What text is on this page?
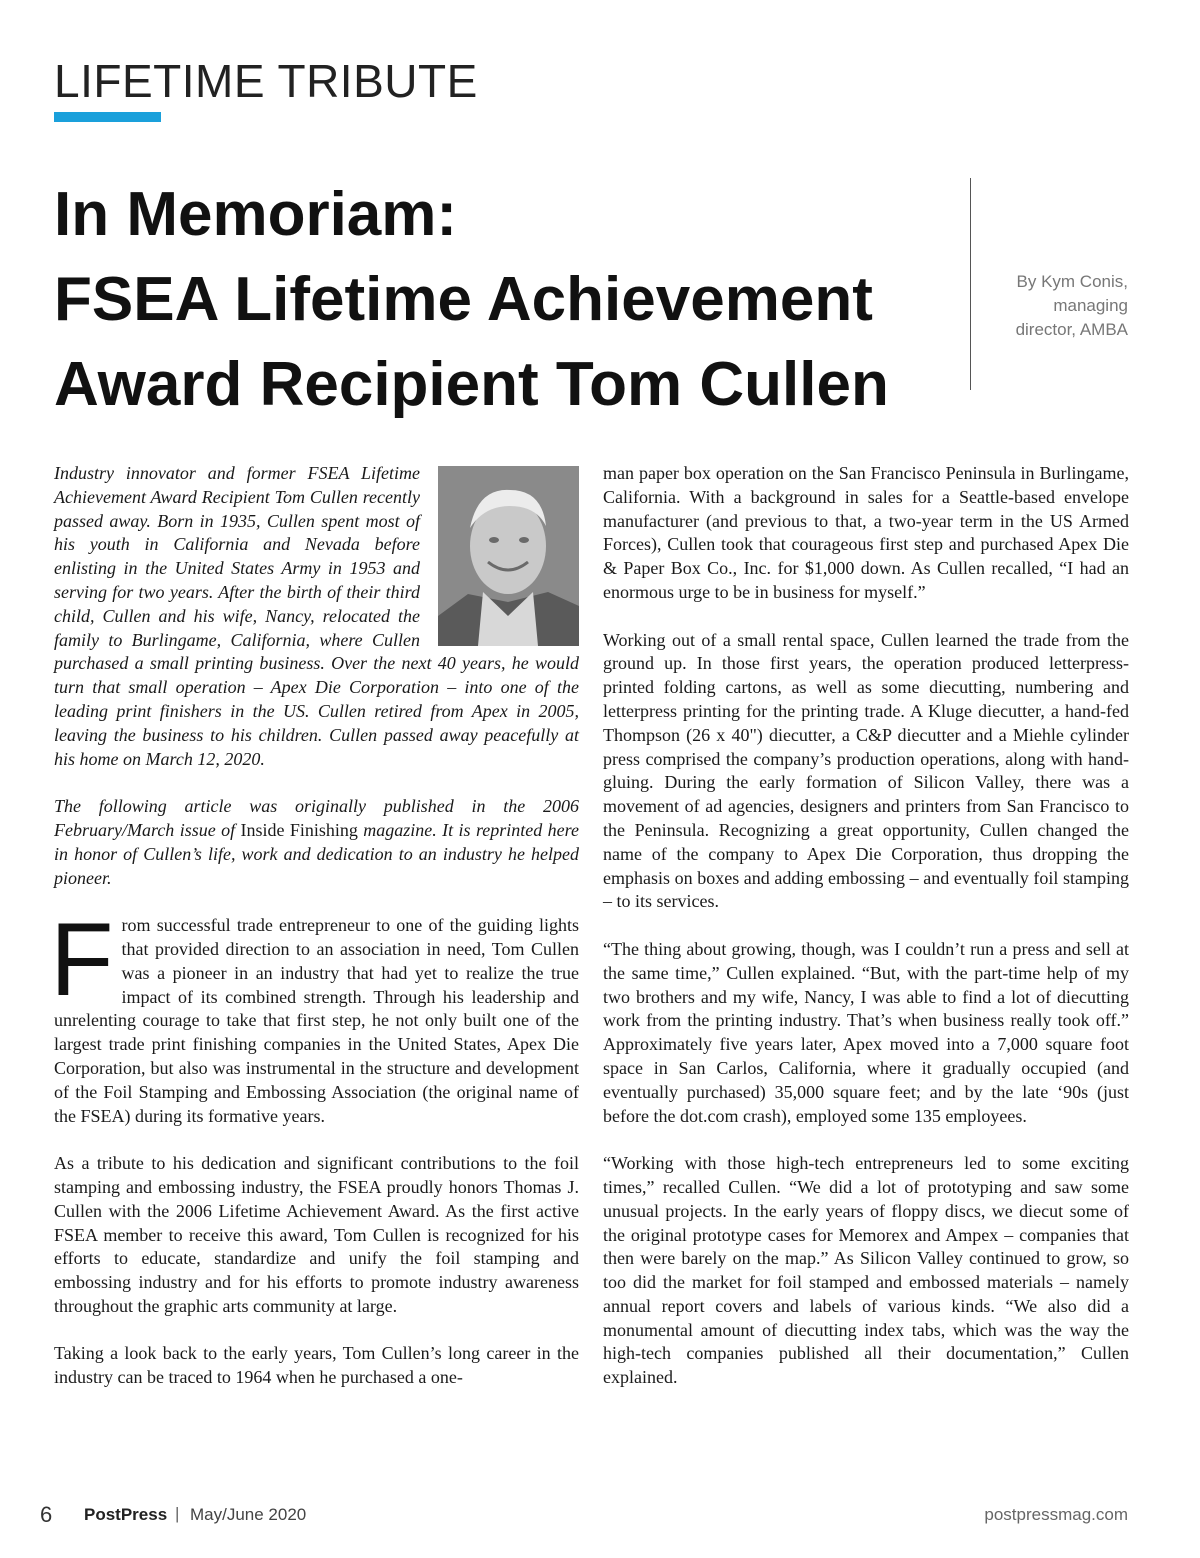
LIFETIME TRIBUTE
In Memoriam:
FSEA Lifetime Achievement
Award Recipient Tom Cullen
By Kym Conis,
managing
director, AMBA

Industry innovator and former FSEA Lifetime Achievement Award Recipient Tom Cullen recently passed away. Born in 1935, Cullen spent most of his youth in California and Nevada before enlisting in the United States Army in 1953 and serving for two years. After the birth of their third child, Cullen and his wife, Nancy, relocated the family to Burlingame, California, where Cullen purchased a small printing business. Over the next 40 years, he would turn that small operation – Apex Die Corporation – into one of the leading print finishers in the US. Cullen retired from Apex in 2005, leaving the business to his children. Cullen passed away peacefully at his home on March 12, 2020.

The following article was originally published in the 2006 February/March issue of Inside Finishing magazine. It is reprinted here in honor of Cullen’s life, work and dedication to an industry he helped pioneer.

From successful trade entrepreneur to one of the guiding lights that provided direction to an association in need, Tom Cullen was a pioneer in an industry that had yet to realize the true impact of its combined strength. Through his leadership and unrelenting courage to take that first step, he not only built one of the largest trade print finishing companies in the United States, Apex Die Corporation, but also was instrumental in the structure and development of the Foil Stamping and Embossing Association (the original name of the FSEA) during its formative years.

As a tribute to his dedication and significant contributions to the foil stamping and embossing industry, the FSEA proudly honors Thomas J. Cullen with the 2006 Lifetime Achievement Award. As the first active FSEA member to receive this award, Tom Cullen is recognized for his efforts to educate, standardize and unify the foil stamping and embossing industry and for his efforts to promote industry awareness throughout the graphic arts community at large.

Taking a look back to the early years, Tom Cullen’s long career in the industry can be traced to 1964 when he purchased a one-

man paper box operation on the San Francisco Peninsula in Burlingame, California. With a background in sales for a Seattle-based envelope manufacturer (and previous to that, a two-year term in the US Armed Forces), Cullen took that courageous first step and purchased Apex Die & Paper Box Co., Inc. for $1,000 down. As Cullen recalled, “I had an enormous urge to be in business for myself.”

Working out of a small rental space, Cullen learned the trade from the ground up. In those first years, the operation produced letterpress-printed folding cartons, as well as some diecutting, numbering and letterpress printing for the printing trade. A Kluge diecutter, a hand-fed Thompson (26 x 40") diecutter, a C&P diecutter and a Miehle cylinder press comprised the company’s production operations, along with hand-gluing. During the early formation of Silicon Valley, there was a movement of ad agencies, designers and printers from San Francisco to the Peninsula. Recognizing a great opportunity, Cullen changed the name of the company to Apex Die Corporation, thus dropping the emphasis on boxes and adding embossing – and eventually foil stamping – to its services.

“The thing about growing, though, was I couldn’t run a press and sell at the same time,” Cullen explained. “But, with the part-time help of my two brothers and my wife, Nancy, I was able to find a lot of diecutting work from the printing industry. That’s when business really took off.” Approximately five years later, Apex moved into a 7,000 square foot space in San Carlos, California, where it gradually occupied (and eventually purchased) 35,000 square feet; and by the late ‘90s (just before the dot.com crash), employed some 135 employees.

“Working with those high-tech entrepreneurs led to some exciting times,” recalled Cullen. “We did a lot of prototyping and saw some unusual projects. In the early years of floppy discs, we diecut some of the original prototype cases for Memorex and Ampex – companies that then were barely on the map.” As Silicon Valley continued to grow, so too did the market for foil stamped and embossed materials – namely annual report covers and labels of various kinds. “We also did a monumental amount of diecutting index tabs, which was the way the high-tech companies published all their documentation,” Cullen explained.

6 PostPress | May/June 2020	postpressmag.com
